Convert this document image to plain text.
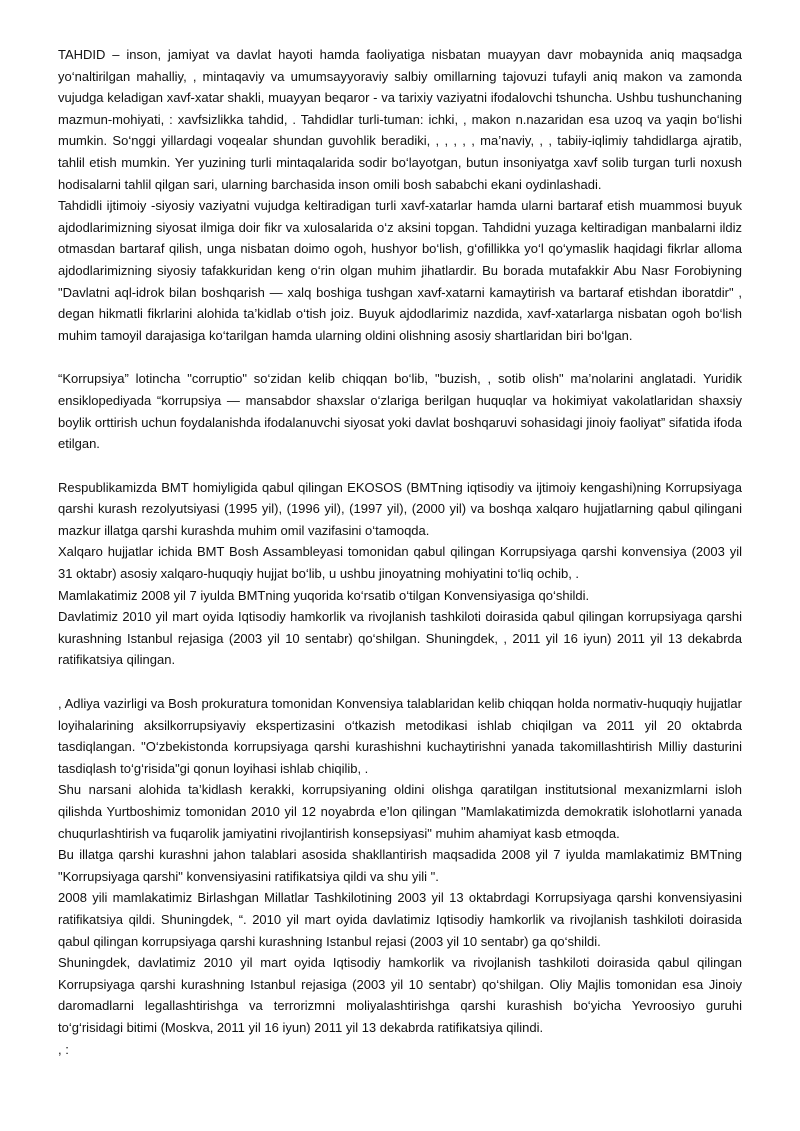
TAHDID – inson, jamiyat va davlat hayoti hamda faoliyatiga nisbatan muayyan davr mobaynida aniq maqsadga yo‘naltirilgan mahalliy, , mintaqaviy va umumsayyoraviy salbiy omillarning tajovuzi tufayli aniq makon va zamonda vujudga keladigan xavf-xatar shakli, muayyan beqaror - va tarixiy vaziyatni ifodalovchi tshuncha. Ushbu tushunchaning mazmun-mohiyati, : xavfsizlikka tahdid, . Tahdidlar turli-tuman: ichki, , makon n.nazaridan esa uzoq va yaqin bo‘lishi mumkin. So‘nggi yillardagi voqealar shundan guvohlik beradiki, , , , , , ma’naviy, , , tabiiy-iqlimiy tahdidlarga ajratib, tahlil etish mumkin. Yer yuzining turli mintaqalarida sodir bo‘layotgan, butun insoniyatga xavf solib turgan turli noxush hodisalarni tahlil qilgan sari, ularning barchasida inson omili bosh sababchi ekani oydinlashadi.

Tahdidli ijtimoiy -siyosiy vaziyatni vujudga keltiradigan turli xavf-xatarlar hamda ularni bartaraf etish muammosi buyuk ajdodlarimizning siyosat ilmiga doir fikr va xulosalarida o‘z aksini topgan. Tahdidni yuzaga keltiradigan manbalarni ildiz otmasdan bartaraf qilish, unga nisbatan doimo ogoh, hushyor bo‘lish, g‘ofillikka yo‘l qo‘ymaslik haqidagi fikrlar alloma ajdodlarimizning siyosiy tafakkuridan keng o‘rin olgan muhim jihatlardir. Bu borada mutafakkir Abu Nasr Forobiyning "Davlatni aql-idrok bilan boshqarish — xalq boshiga tushgan xavf-xatarni kamaytirish va bartaraf etishdan iboratdir" , degan hikmatli fikrlarini alohida ta’kidlab o‘tish joiz. Buyuk ajdodlarimiz nazdida, xavf-xatarlarga nisbatan ogoh bo‘lish muhim tamoyil darajasiga ko‘tarilgan hamda ularning oldini olishning asosiy shartlaridan biri bo‘lgan.

“Korrupsiya” lotincha "corruptio" so‘zidan kelib chiqqan bo‘lib, "buzish, , sotib olish" ma’nolarini anglatadi. Yuridik ensiklopediyada “korrupsiya — mansabdor shaxslar o‘zlariga berilgan huquqlar va hokimiyat vakolatlaridan shaxsiy boylik orttirish uchun foydalanishda ifodalanuvchi siyosat yoki davlat boshqaruvi sohasidagi jinoiy faoliyat” sifatida ifoda etilgan.

Respublikamizda BMT homiyligida qabul qilingan EKOSOS (BMTning iqtisodiy va ijtimoiy kengashi)ning Korrupsiyaga qarshi kurash rezolyutsiyasi (1995 yil), (1996 yil), (1997 yil), (2000 yil) va boshqa xalqaro hujjatlarning qabul qilingani mazkur illatga qarshi kurashda muhim omil vazifasini o‘tamoqda.

Xalqaro hujjatlar ichida BMT Bosh Assambleyasi tomonidan qabul qilingan Korrupsiyaga qarshi konvensiya (2003 yil 31 oktabr) asosiy xalqaro-huquqiy hujjat bo‘lib, u ushbu jinoyatning mohiyatini to‘liq ochib, .

Mamlakatimiz 2008 yil 7 iyulda BMTning yuqorida ko‘rsatib o‘tilgan Konvensiyasiga qo‘shildi.

Davlatimiz 2010 yil mart oyida Iqtisodiy hamkorlik va rivojlanish tashkiloti doirasida qabul qilingan korrupsiyaga qarshi kurashning Istanbul rejasiga (2003 yil 10 sentabr) qo‘shilgan. Shuningdek, , 2011 yil 16 iyun) 2011 yil 13 dekabrda ratifikatsiya qilingan.

, Adliya vazirligi va Bosh prokuratura tomonidan Konvensiya talablaridan kelib chiqqan holda normativ-huquqiy hujjatlar loyihalarining aksilkorrupsiyaviy ekspertizasini o‘tkazish metodikasi ishlab chiqilgan va 2011 yil 20 oktabrda tasdiqlangan. "O‘zbekistonda korrupsiyaga qarshi kurashishni kuchaytirishni yanada takomillashtirish Milliy dasturini tasdiqlash to‘g‘risida"gi qonun loyihasi ishlab chiqilib, .

Shu narsani alohida ta’kidlash kerakki, korrupsiyaning oldini olishga qaratilgan institutsional mexanizmlarni isloh qilishda Yurtboshimiz tomonidan 2010 yil 12 noyabrda e’lon qilingan "Mamlakatimizda demokratik islohotlarni yanada chuqurlashtirish va fuqarolik jamiyatini rivojlantirish konsepsiyasi" muhim ahamiyat kasb etmoqda.

Bu illatga qarshi kurashni jahon talablari asosida shakllantirish maqsadida 2008 yil 7 iyulda mamlakatimiz BMTning "Korrupsiyaga qarshi" konvensiyasini ratifikatsiya qildi va shu yili ".

2008 yili mamlakatimiz Birlashgan Millatlar Tashkilotining 2003 yil 13 oktabrdagi Korrupsiyaga qarshi konvensiyasini ratifikatsiya qildi. Shuningdek, “. 2010 yil mart oyida davlatimiz Iqtisodiy hamkorlik va rivojlanish tashkiloti doirasida qabul qilingan korrupsiyaga qarshi kurashning Istanbul rejasi (2003 yil 10 sentabr) ga qo‘shildi.

Shuningdek, davlatimiz 2010 yil mart oyida Iqtisodiy hamkorlik va rivojlanish tashkiloti doirasida qabul qilingan Korrupsiyaga qarshi kurashning Istanbul rejasiga (2003 yil 10 sentabr) qo‘shilgan. Oliy Majlis tomonidan esa Jinoiy daromadlarni legallashtirishga va terrorizmni moliyalashtirishga qarshi kurashish bo‘yicha Yevroosiyo guruhi to‘g‘risidagi bitimi (Moskva, 2011 yil 16 iyun) 2011 yil 13 dekabrda ratifikatsiya qilindi.

, :
